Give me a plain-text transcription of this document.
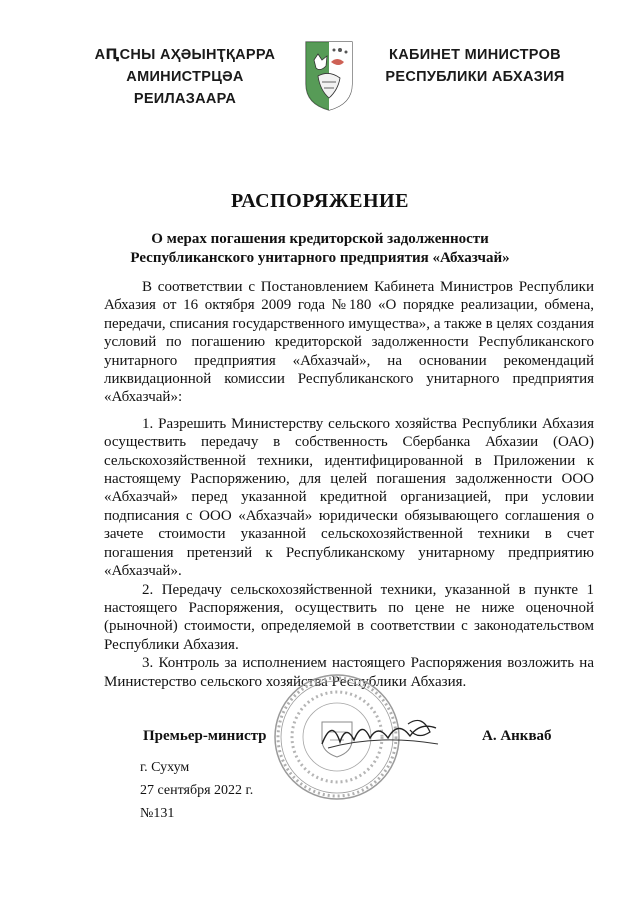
АԤСНЫ АҲӘЫНҬҚАРРА
АМИНИСТРЦӘА РЕИЛАЗААРА
КАБИНЕТ МИНИСТРОВ
РЕСПУБЛИКИ АБХАЗИЯ
РАСПОРЯЖЕНИЕ
О мерах погашения кредиторской задолженности
Республиканского унитарного предприятия «Абхазчай»

В соответствии с Постановлением Кабинета Министров Республики Абхазия от 16 октября 2009 года №180 «О порядке реализации, обмена, передачи, списания государственного имущества», а также в целях создания условий по погашению кредиторской задолженности Республиканского унитарного предприятия «Абхазчай», на основании рекомендаций ликвидационной комиссии Республиканского унитарного предприятия «Абхазчай»:

1. Разрешить Министерству сельского хозяйства Республики Абхазия осуществить передачу в собственность Сбербанка Абхазии (ОАО) сельскохозяйственной техники, идентифицированной в Приложении к настоящему Распоряжению, для целей погашения задолженности ООО «Абхазчай» перед указанной кредитной организацией, при условии подписания с ООО «Абхазчай» юридически обязывающего соглашения о зачете стоимости указанной сельскохозяйственной техники в счет погашения претензий к Республиканскому унитарному предприятию «Абхазчай».

2. Передачу сельскохозяйственной техники, указанной в пункте 1 настоящего Распоряжения, осуществить по цене не ниже оценочной (рыночной) стоимости, определяемой в соответствии с законодательством Республики Абхазия.

3. Контроль за исполнением настоящего Распоряжения возложить на Министерство сельского хозяйства Республики Абхазия.

Премьер-министр	А. Анкваб
г. Сухум
27 сентября 2022 г.
№131
